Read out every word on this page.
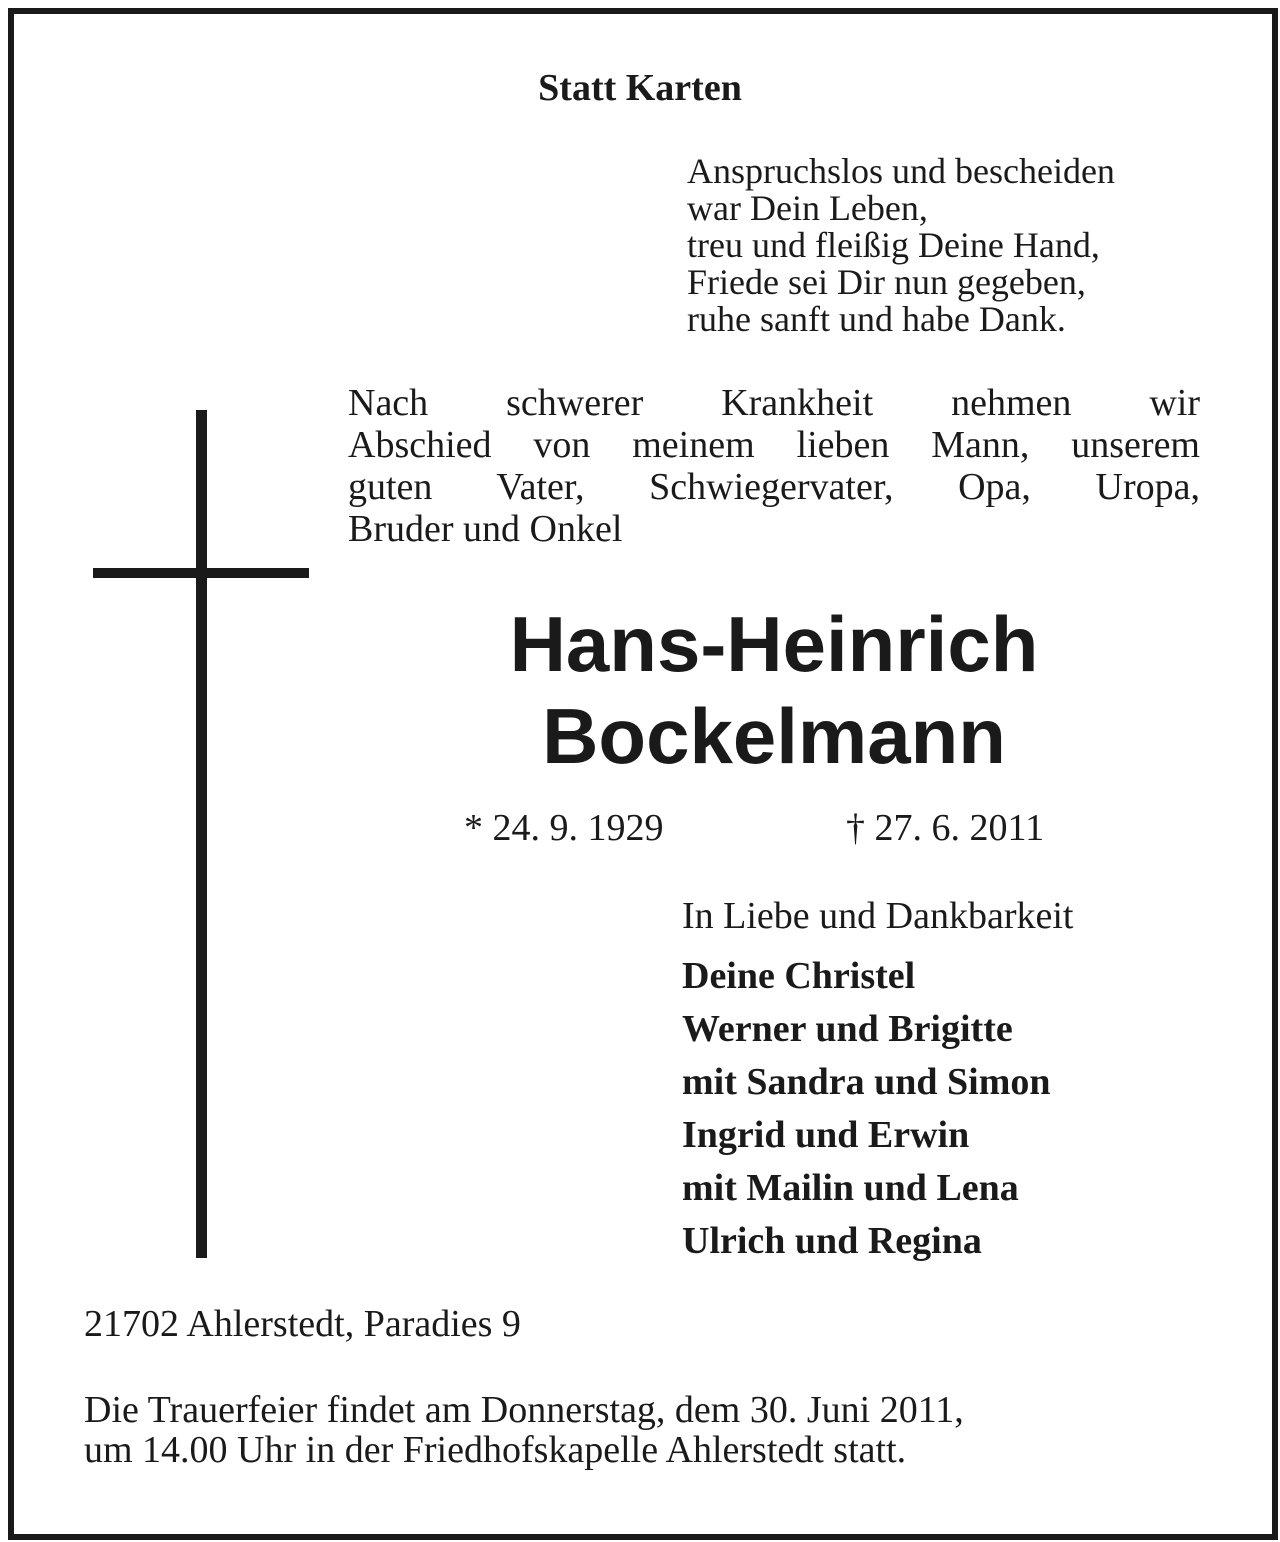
Statt Karten

Anspruchslos und bescheiden
war Dein Leben,
treu und fleißig Deine Hand,
Friede sei Dir nun gegeben,
ruhe sanft und habe Dank.
Nach schwerer Krankheit nehmen wir
Abschied von meinem lieben Mann, unserem
guten Vater, Schwiegervater, Opa, Uropa,
Bruder und Onkel
Hans-Heinrich
Bockelmann

* 24. 9. 1929	† 27. 6. 2011

In Liebe und Dankbarkeit

Deine Christel
Werner und Brigitte
mit Sandra und Simon
Ingrid und Erwin
mit Mailin und Lena
Ulrich und Regina

21702 Ahlerstedt, Paradies 9

Die Trauerfeier findet am Donnerstag, dem 30. Juni 2011,
um 14.00 Uhr in der Friedhofskapelle Ahlerstedt statt.
